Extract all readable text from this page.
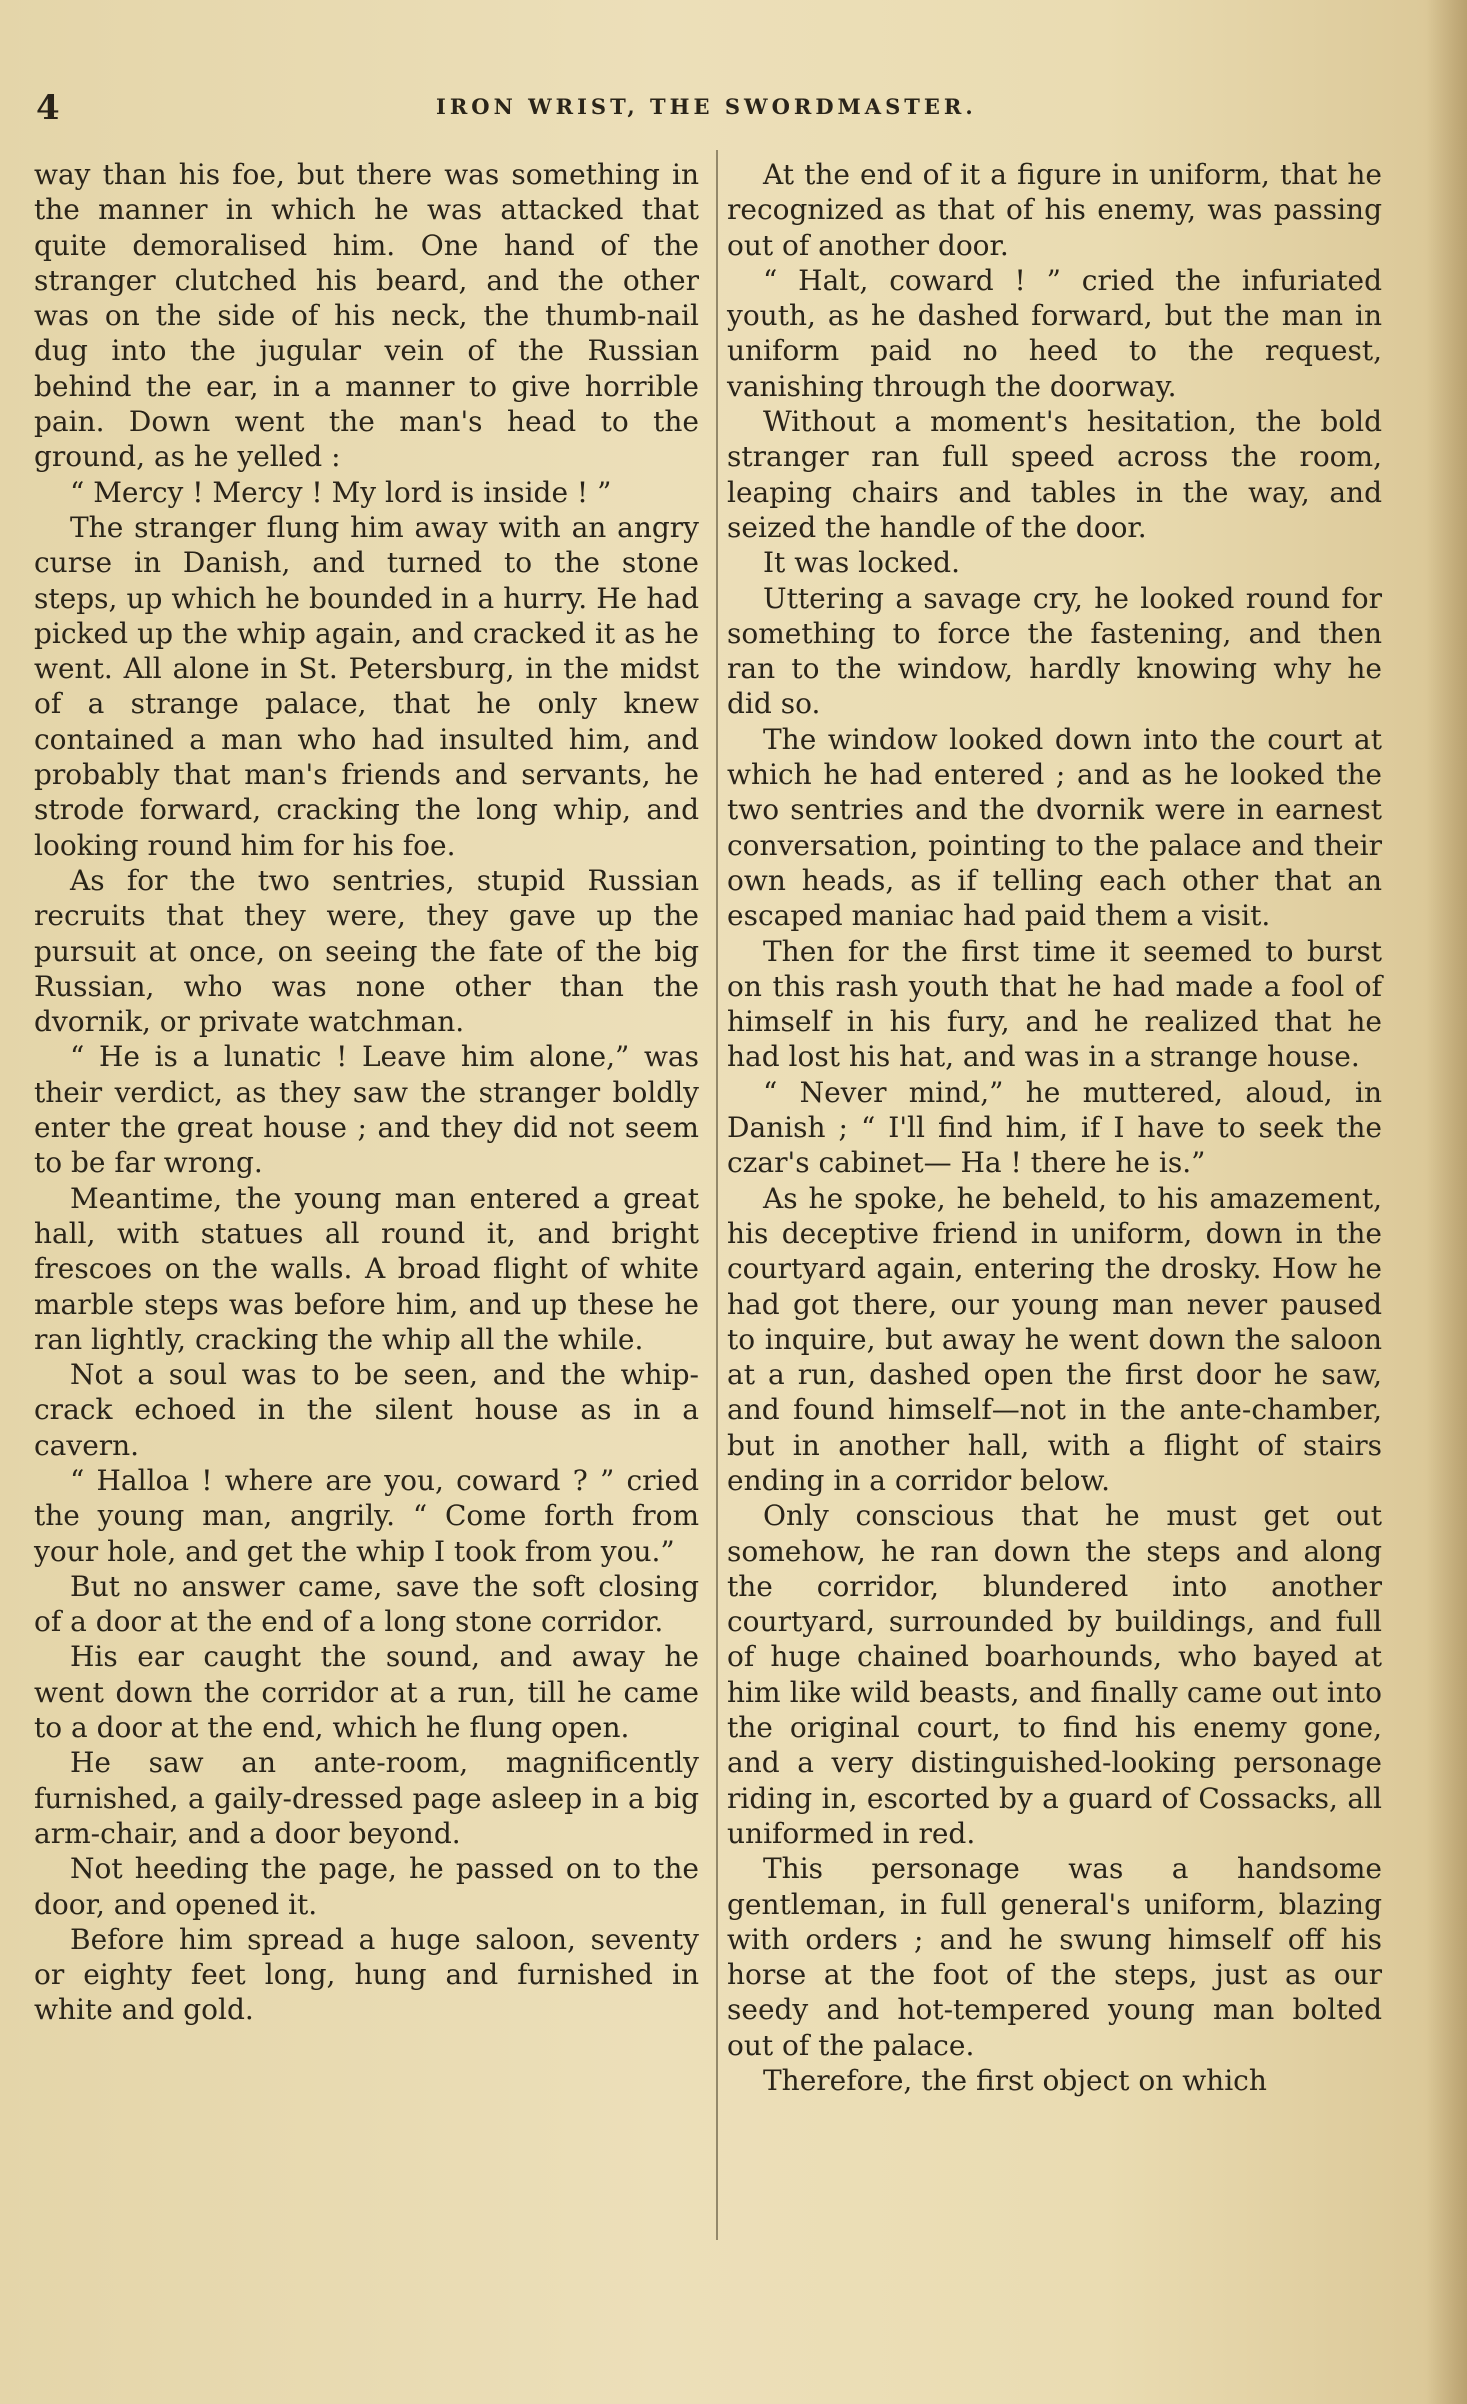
4	IRON WRIST, THE SWORDMASTER.

way than his foe, but there was something in the manner in which he was attacked that quite demoralised him. One hand of the stranger clutched his beard, and the other was on the side of his neck, the thumb-nail dug into the jugular vein of the Russian behind the ear, in a manner to give horrible pain. Down went the man's head to the ground, as he yelled :

“ Mercy ! Mercy ! My lord is inside ! ”

The stranger flung him away with an angry curse in Danish, and turned to the stone steps, up which he bounded in a hurry. He had picked up the whip again, and cracked it as he went. All alone in St. Petersburg, in the midst of a strange palace, that he only knew contained a man who had insulted him, and probably that man's friends and servants, he strode forward, cracking the long whip, and looking round him for his foe.

As for the two sentries, stupid Russian recruits that they were, they gave up the pursuit at once, on seeing the fate of the big Russian, who was none other than the dvornik, or private watchman.

“ He is a lunatic ! Leave him alone,” was their verdict, as they saw the stranger boldly enter the great house ; and they did not seem to be far wrong.

Meantime, the young man entered a great hall, with statues all round it, and bright frescoes on the walls. A broad flight of white marble steps was before him, and up these he ran lightly, cracking the whip all the while.

Not a soul was to be seen, and the whip-crack echoed in the silent house as in a cavern.

“ Halloa ! where are you, coward ? ” cried the young man, angrily. “ Come forth from your hole, and get the whip I took from you.”

But no answer came, save the soft closing of a door at the end of a long stone corridor.

His ear caught the sound, and away he went down the corridor at a run, till he came to a door at the end, which he flung open.

He saw an ante-room, magnificently furnished, a gaily-dressed page asleep in a big arm-chair, and a door beyond.

Not heeding the page, he passed on to the door, and opened it.

Before him spread a huge saloon, seventy or eighty feet long, hung and furnished in white and gold.

At the end of it a figure in uniform, that he recognized as that of his enemy, was passing out of another door.

“ Halt, coward ! ” cried the infuriated youth, as he dashed forward, but the man in uniform paid no heed to the request, vanishing through the doorway.

Without a moment's hesitation, the bold stranger ran full speed across the room, leaping chairs and tables in the way, and seized the handle of the door.

It was locked.

Uttering a savage cry, he looked round for something to force the fastening, and then ran to the window, hardly knowing why he did so.

The window looked down into the court at which he had entered ; and as he looked the two sentries and the dvornik were in earnest conversation, pointing to the palace and their own heads, as if telling each other that an escaped maniac had paid them a visit.

Then for the first time it seemed to burst on this rash youth that he had made a fool of himself in his fury, and he realized that he had lost his hat, and was in a strange house.

“ Never mind,” he muttered, aloud, in Danish ; “ I'll find him, if I have to seek the czar's cabinet— Ha ! there he is.”

As he spoke, he beheld, to his amazement, his deceptive friend in uniform, down in the courtyard again, entering the drosky. How he had got there, our young man never paused to inquire, but away he went down the saloon at a run, dashed open the first door he saw, and found himself—not in the ante-chamber, but in another hall, with a flight of stairs ending in a corridor below.

Only conscious that he must get out somehow, he ran down the steps and along the corridor, blundered into another courtyard, surrounded by buildings, and full of huge chained boarhounds, who bayed at him like wild beasts, and finally came out into the original court, to find his enemy gone, and a very distinguished-looking personage riding in, escorted by a guard of Cossacks, all uniformed in red.

This personage was a handsome gentleman, in full general's uniform, blazing with orders ; and he swung himself off his horse at the foot of the steps, just as our seedy and hot-tempered young man bolted out of the palace.

Therefore, the first object on which
